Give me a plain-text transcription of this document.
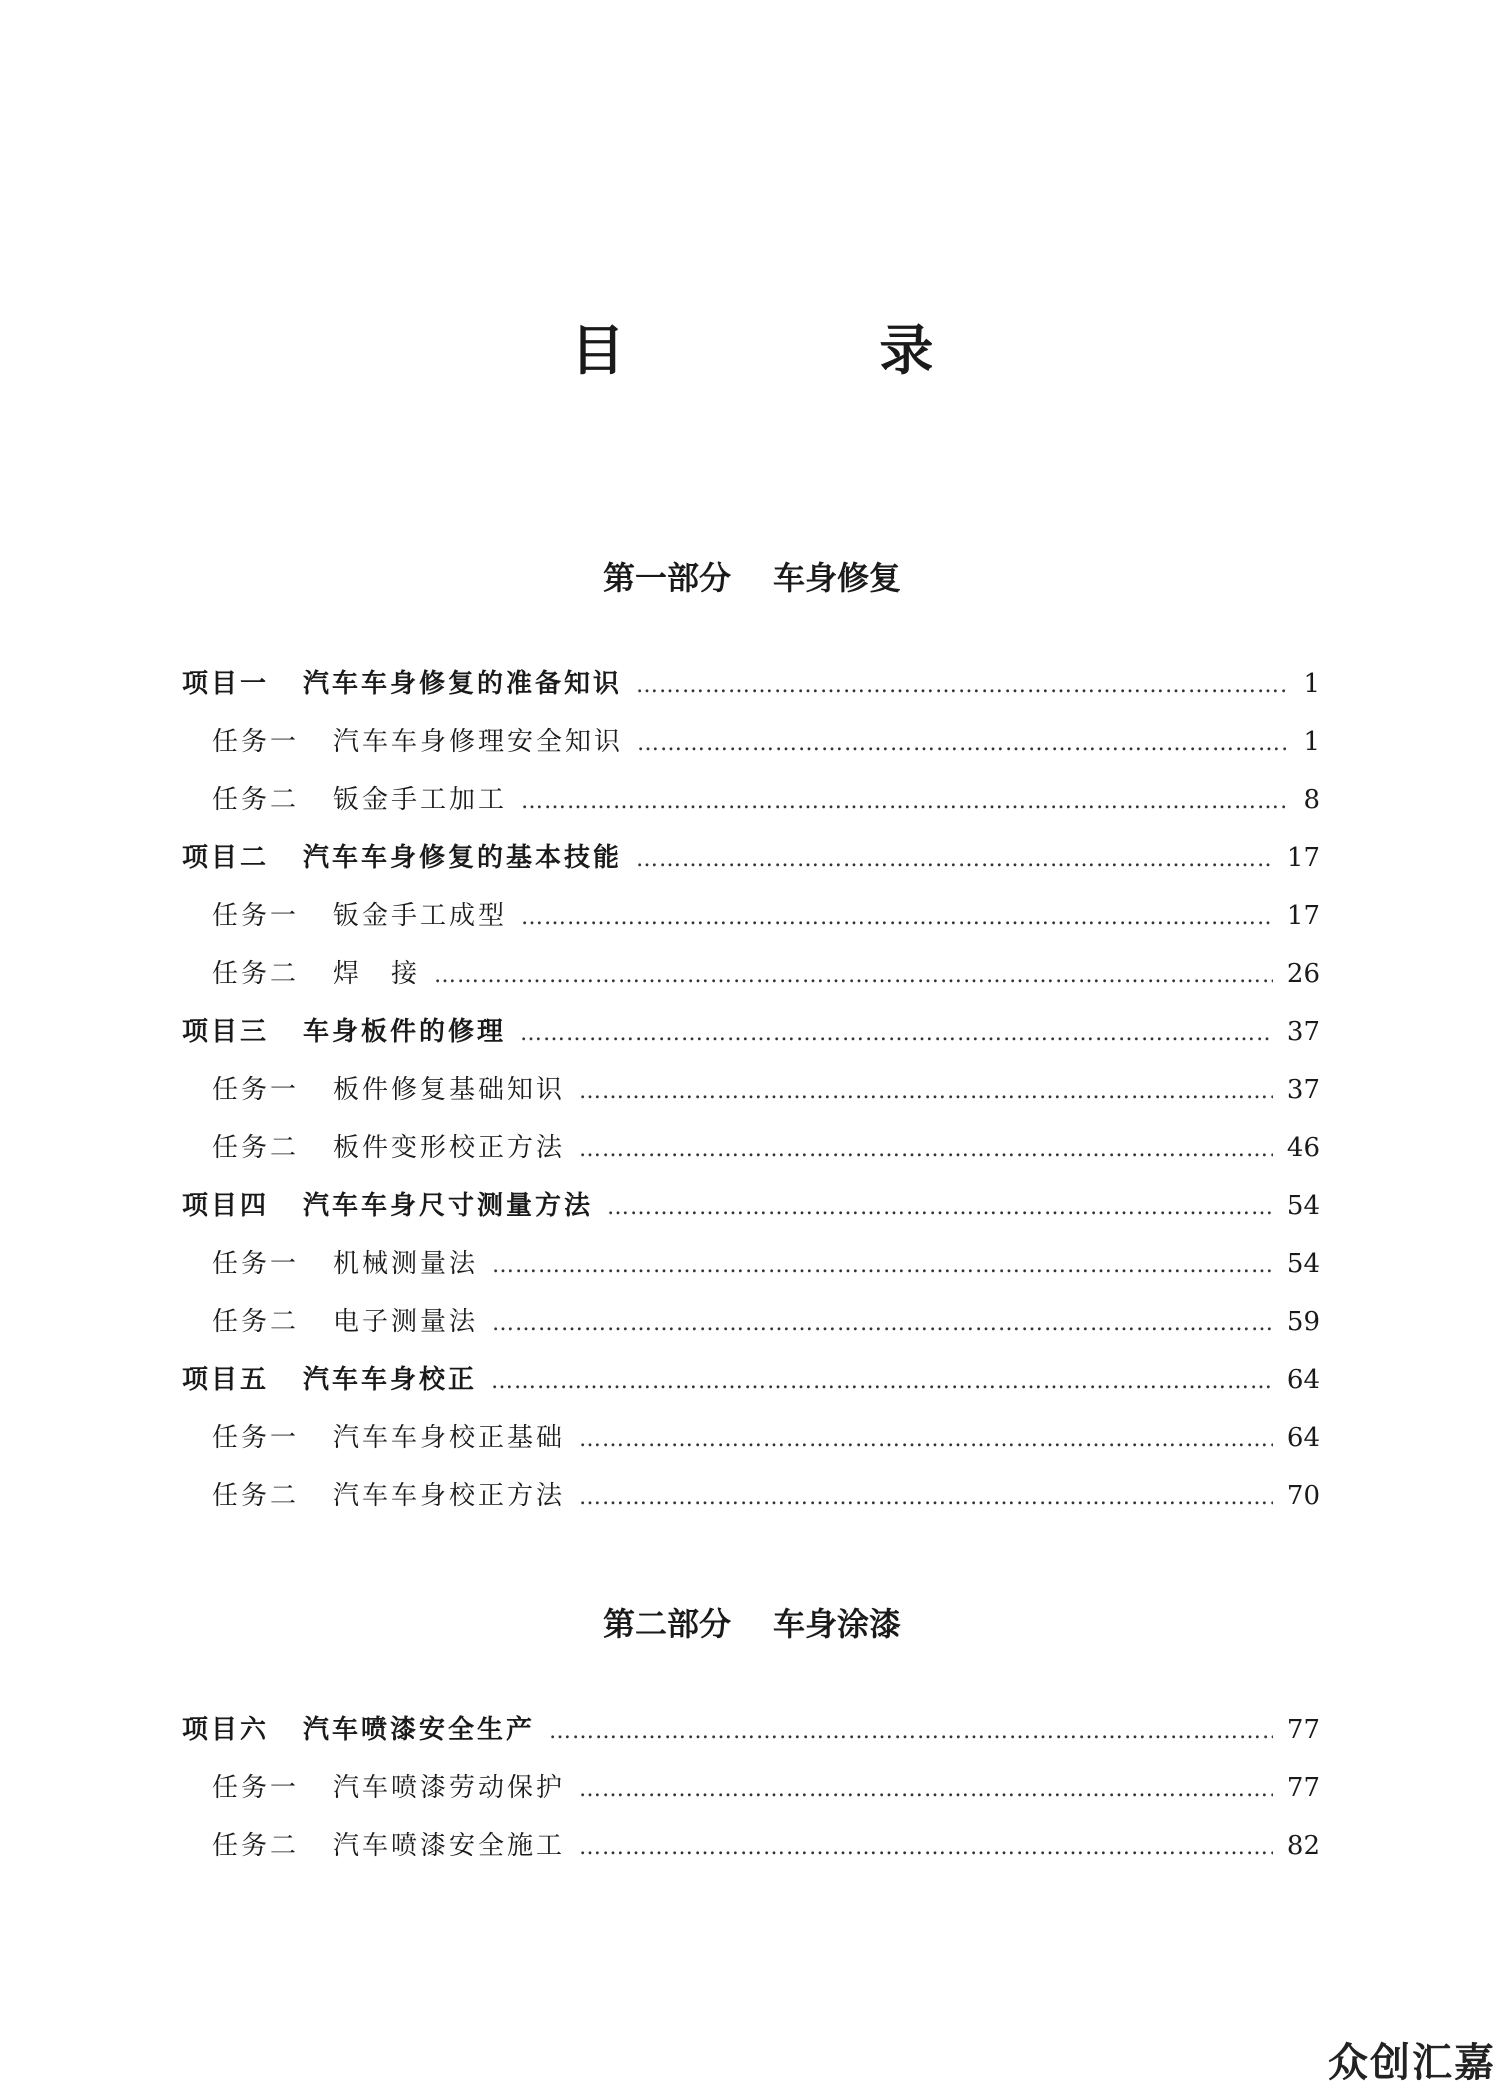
目 录
第一部分 车身修复
项目一 汽车车身修复的准备知识 …………………………………………………………………………………………………………………………………………………………………………………………	1
任务一 汽车车身修理安全知识 …………………………………………………………………………………………………………………………………………………………………………………………	1
任务二 钣金手工加工 …………………………………………………………………………………………………………………………………………………………………………………………	8
项目二 汽车车身修复的基本技能 …………………………………………………………………………………………………………………………………………………………………………………………	17
任务一 钣金手工成型 …………………………………………………………………………………………………………………………………………………………………………………………	17
任务二 焊　接 …………………………………………………………………………………………………………………………………………………………………………………………	26
项目三 车身板件的修理 …………………………………………………………………………………………………………………………………………………………………………………………	37
任务一 板件修复基础知识 …………………………………………………………………………………………………………………………………………………………………………………………	37
任务二 板件变形校正方法 …………………………………………………………………………………………………………………………………………………………………………………………	46
项目四 汽车车身尺寸测量方法 …………………………………………………………………………………………………………………………………………………………………………………………	54
任务一 机械测量法 …………………………………………………………………………………………………………………………………………………………………………………………	54
任务二 电子测量法 …………………………………………………………………………………………………………………………………………………………………………………………	59
项目五 汽车车身校正 …………………………………………………………………………………………………………………………………………………………………………………………	64
任务一 汽车车身校正基础 …………………………………………………………………………………………………………………………………………………………………………………………	64
任务二 汽车车身校正方法 …………………………………………………………………………………………………………………………………………………………………………………………	70
第二部分 车身涂漆
项目六 汽车喷漆安全生产 …………………………………………………………………………………………………………………………………………………………………………………………	77
任务一 汽车喷漆劳动保护 …………………………………………………………………………………………………………………………………………………………………………………………	77
任务二 汽车喷漆安全施工 …………………………………………………………………………………………………………………………………………………………………………………………	82
众创汇嘉
